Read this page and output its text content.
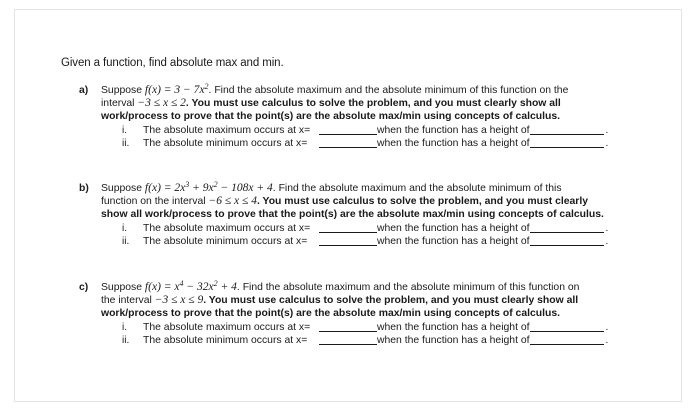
Given a function, find absolute max and min.
a) Suppose $f(x) = 3 - 7x^2$. Find the absolute maximum and the absolute minimum of this function on the
interval −3 ≤ x ≤ 2. You must use calculus to solve the problem, and you must clearly show all
work/process to prove that the point(s) are the absolute max/min using concepts of calculus.
i.	The absolute maximum occurs at x=	when the function has a height of	.
ii.	The absolute minimum occurs at x=	when the function has a height of	.
b) Suppose $f(x) = 2x^3 + 9x^2 - 108x + 4$. Find the absolute maximum and the absolute minimum of this
function on the interval −6 ≤ x ≤ 4. You must use calculus to solve the problem, and you must clearly
show all work/process to prove that the point(s) are the absolute max/min using concepts of calculus.
i.	The absolute maximum occurs at x=	when the function has a height of	.
ii.	The absolute minimum occurs at x=	when the function has a height of	.
c) Suppose $f(x) = x^4 - 32x^2 + 4$. Find the absolute maximum and the absolute minimum of this function on
the interval −3 ≤ x ≤ 9. You must use calculus to solve the problem, and you must clearly show all
work/process to prove that the point(s) are the absolute max/min using concepts of calculus.
i.	The absolute maximum occurs at x=	when the function has a height of	.
ii.	The absolute minimum occurs at x=	when the function has a height of	.
